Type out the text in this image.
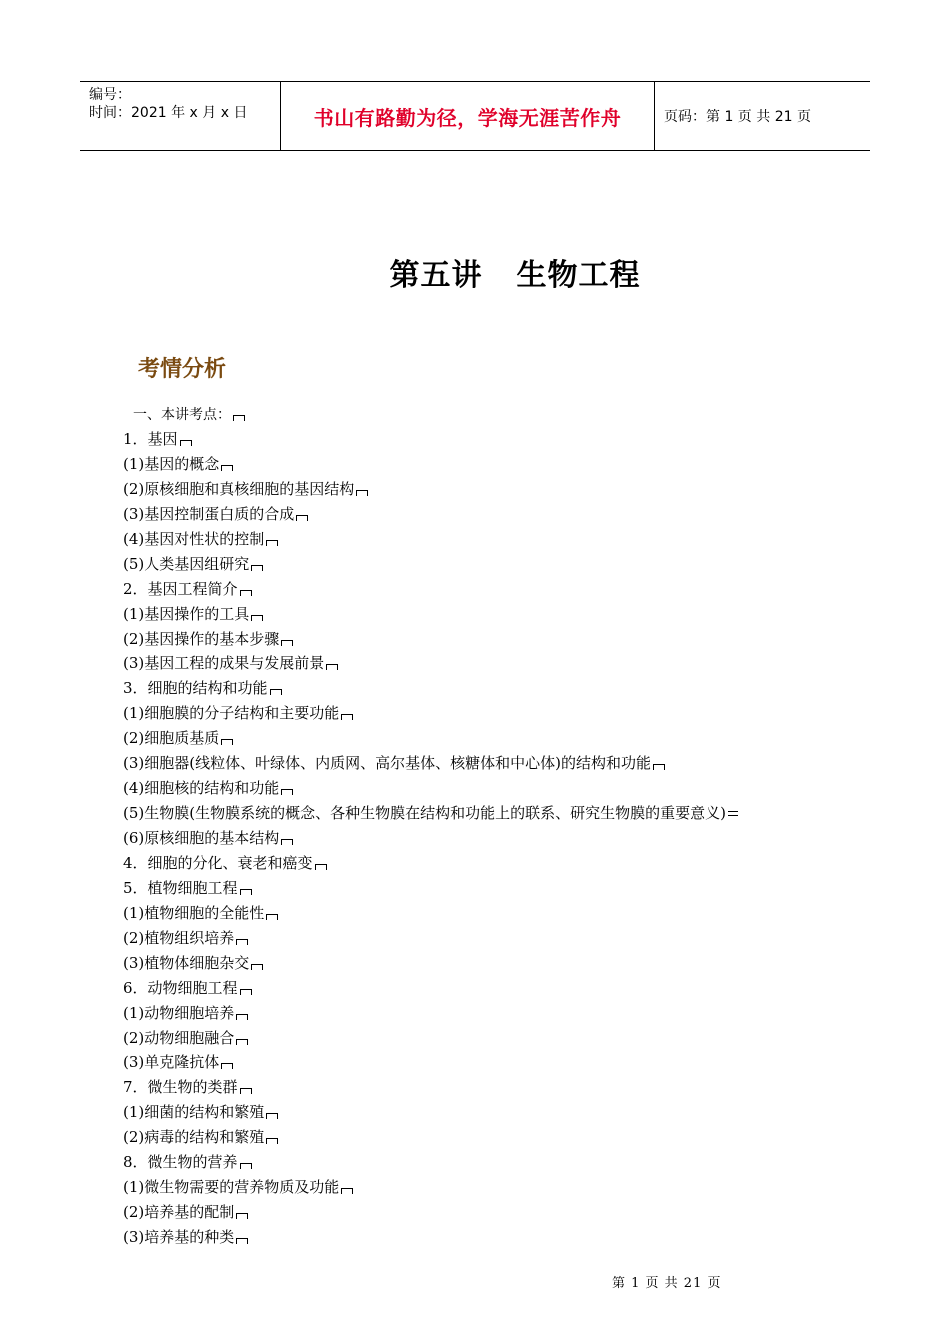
编号：
时间：2021 年 x 月 x 日	书山有路勤为径，学海无涯苦作舟	页码：第 1 页 共 21 页
第五讲 生物工程
考情分析
一、本讲考点：
1．基因
(1)基因的概念
(2)原核细胞和真核细胞的基因结构
(3)基因控制蛋白质的合成
(4)基因对性状的控制
(5)人类基因组研究
2．基因工程简介
(1)基因操作的工具
(2)基因操作的基本步骤
(3)基因工程的成果与发展前景
3．细胞的结构和功能
(1)细胞膜的分子结构和主要功能
(2)细胞质基质
(3)细胞器(线粒体、叶绿体、内质网、高尔基体、核糖体和中心体)的结构和功能
(4)细胞核的结构和功能
(5)生物膜(生物膜系统的概念、各种生物膜在结构和功能上的联系、研究生物膜的重要意义)
(6)原核细胞的基本结构
4．细胞的分化、衰老和癌变
5．植物细胞工程
(1)植物细胞的全能性
(2)植物组织培养
(3)植物体细胞杂交
6．动物细胞工程
(1)动物细胞培养
(2)动物细胞融合
(3)单克隆抗体
7．微生物的类群
(1)细菌的结构和繁殖
(2)病毒的结构和繁殖
8．微生物的营养
(1)微生物需要的营养物质及功能
(2)培养基的配制
(3)培养基的种类
第 1 页 共 21 页
